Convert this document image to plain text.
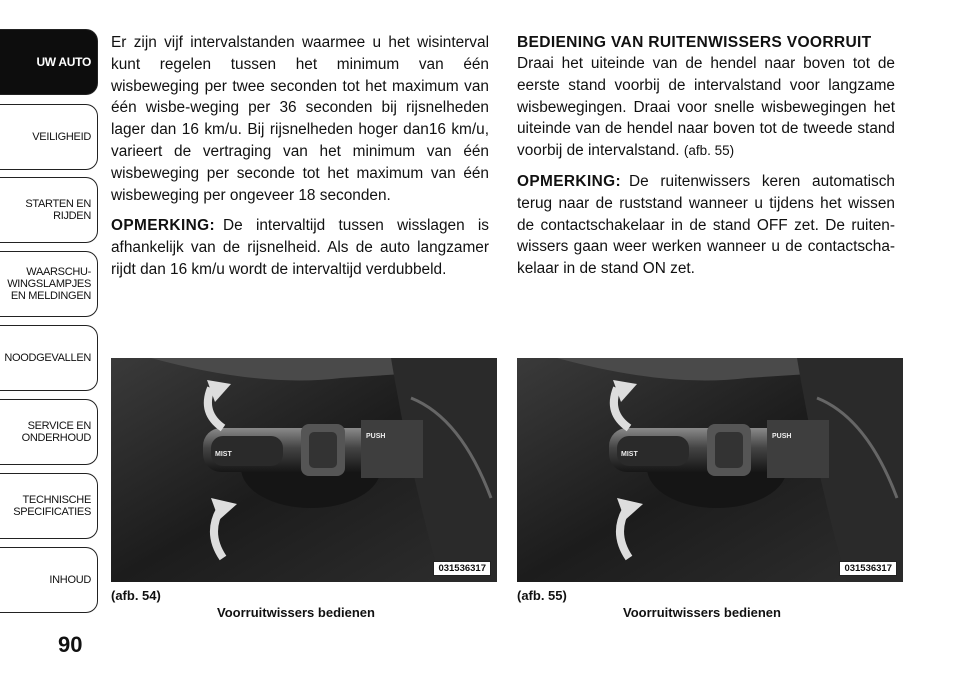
UW AUTO
VEILIGHEID
STARTEN EN
RIJDEN
WAARSCHU-
WINGSLAMPJES
EN MELDINGEN
NOODGEVALLEN
SERVICE EN
ONDERHOUD
TECHNISCHE
SPECIFICATIES
INHOUD
90

Er zijn vijf intervalstanden waarmee u het wisinterval kunt regelen tussen het minimum van één wisbeweging per twee seconden tot het maximum van één wisbe-weging per 36 seconden bij rijsnelheden lager dan 16 km/u. Bij rijsnelheden hoger dan16 km/u, varieert de vertraging van het minimum van één wisbeweging per seconde tot het maximum van één wisbeweging per ongeveer 18 seconden.

OPMERKING: De intervaltijd tussen wisslagen is afhankelijk van de rijsnelheid. Als de auto langzamer rijdt dan 16 km/u wordt de intervaltijd verdubbeld.

BEDIENING VAN RUITENWISSERS VOORRUIT

Draai het uiteinde van de hendel naar boven tot de eerste stand voorbij de intervalstand voor langzame wisbewegingen. Draai voor snelle wisbewegingen het uiteinde van de hendel naar boven tot de tweede stand voorbij de intervalstand. (afb. 55)

OPMERKING: De ruitenwissers keren automatisch terug naar de ruststand wanneer u tijdens het wissen de contactschakelaar in de stand OFF zet. De ruiten-wissers gaan weer werken wanneer u de contactscha-kelaar in de stand ON zet.

MIST
PUSH
031536317
(afb. 54)
Voorruitwissers bedienen
MIST
PUSH
031536317
(afb. 55)
Voorruitwissers bedienen
